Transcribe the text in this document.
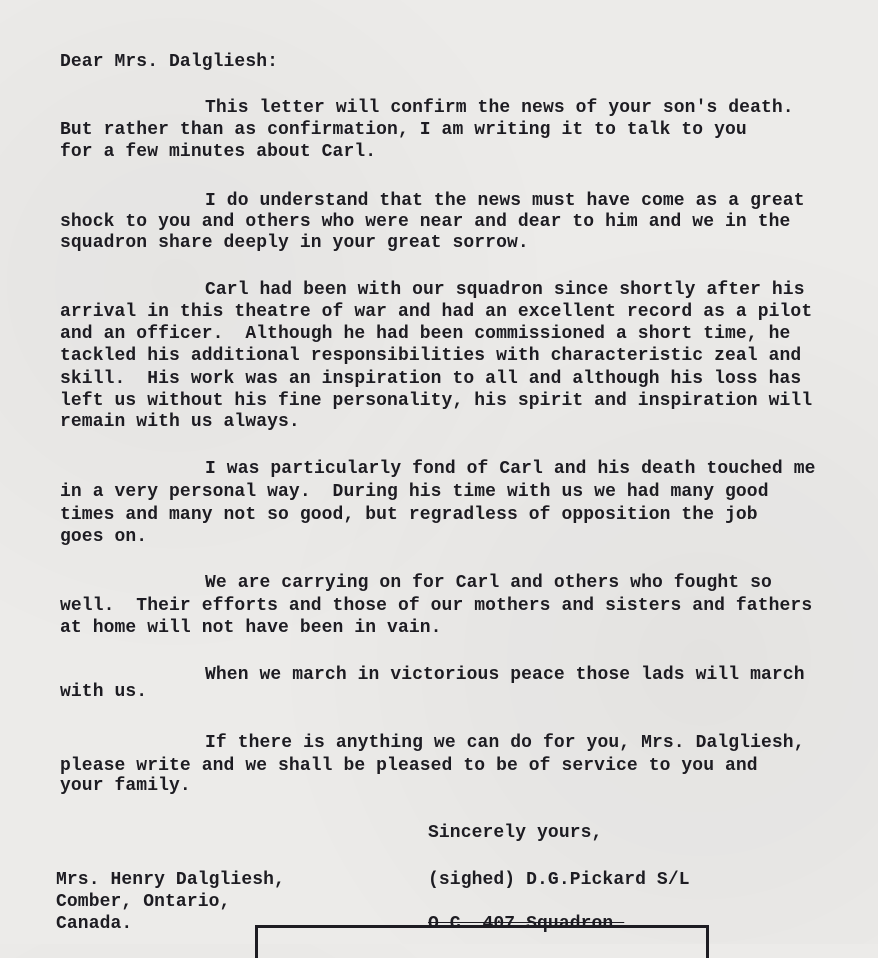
Dear Mrs. Dalgliesh:
This letter will confirm the news of your son's death.
But rather than as confirmation, I am writing it to talk to you
for a few minutes about Carl.
I do understand that the news must have come as a great
shock to you and others who were near and dear to him and we in the
squadron share deeply in your great sorrow.
Carl had been with our squadron since shortly after his
arrival in this theatre of war and had an excellent record as a pilot
and an officer.  Although he had been commissioned a short time, he
tackled his additional responsibilities with characteristic zeal and
skill.  His work was an inspiration to all and although his loss has
left us without his fine personality, his spirit and inspiration will
remain with us always.
I was particularly fond of Carl and his death touched me
in a very personal way.  During his time with us we had many good
times and many not so good, but regradless of opposition the job
goes on.
We are carrying on for Carl and others who fought so
well.  Their efforts and those of our mothers and sisters and fathers
at home will not have been in vain.
When we march in victorious peace those lads will march
with us.
If there is anything we can do for you, Mrs. Dalgliesh,
please write and we shall be pleased to be of service to you and
your family.
Sincerely yours,
(sighed) D.G.Pickard S/L
O.C. 407 Squadron.
Mrs. Henry Dalgliesh,
Comber, Ontario,
Canada.
